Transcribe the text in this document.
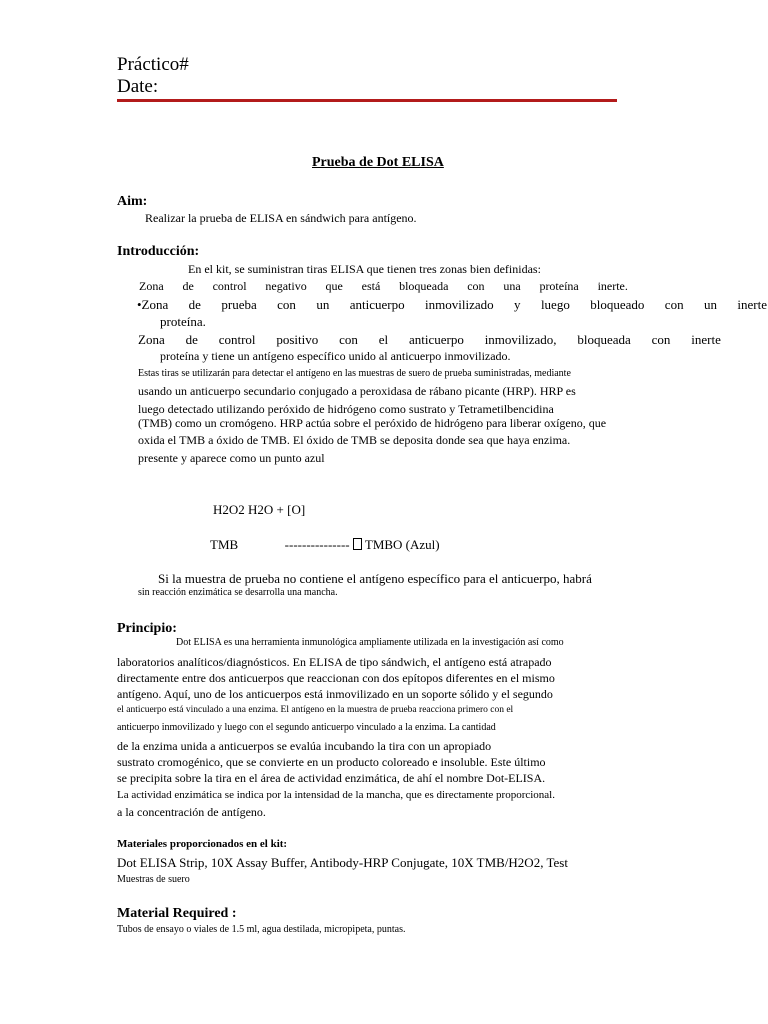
Práctico#
Date:
Prueba de Dot ELISA
Aim:
Realizar la prueba de ELISA en sándwich para antígeno.
Introducción:
En el kit, se suministran tiras ELISA que tienen tres zonas bien definidas:
Zona de control negativo que está bloqueada con una proteína inerte.
•Zona de prueba con un anticuerpo inmovilizado y luego bloqueado con un inerte
proteína.
Zona de control positivo con el anticuerpo inmovilizado, bloqueada con inerte
proteína y tiene un antígeno específico unido al anticuerpo inmovilizado.
Estas tiras se utilizarán para detectar el antígeno en las muestras de suero de prueba suministradas, mediante
usando un anticuerpo secundario conjugado a peroxidasa de rábano picante (HRP). HRP es
luego detectado utilizando peróxido de hidrógeno como sustrato y Tetrametilbencidina
(TMB) como un cromógeno. HRP actúa sobre el peróxido de hidrógeno para liberar oxígeno, que
oxida el TMB a óxido de TMB. El óxido de TMB se deposita donde sea que haya enzima.
presente y aparece como un punto azul
H2O2 H2O + [O]
TMB	---------------  TMBO (Azul)
Si la muestra de prueba no contiene el antígeno específico para el anticuerpo, habrá
sin reacción enzimática se desarrolla una mancha.
Principio:
Dot ELISA es una herramienta inmunológica ampliamente utilizada en la investigación así como
laboratorios analíticos/diagnósticos. En ELISA de tipo sándwich, el antígeno está atrapado
directamente entre dos anticuerpos que reaccionan con dos epítopos diferentes en el mismo
antígeno. Aquí, uno de los anticuerpos está inmovilizado en un soporte sólido y el segundo
el anticuerpo está vinculado a una enzima. El antígeno en la muestra de prueba reacciona primero con el
anticuerpo inmovilizado y luego con el segundo anticuerpo vinculado a la enzima. La cantidad
de la enzima unida a anticuerpos se evalúa incubando la tira con un apropiado
sustrato cromogénico, que se convierte en un producto coloreado e insoluble. Este último
se precipita sobre la tira en el área de actividad enzimática, de ahí el nombre Dot-ELISA.
La actividad enzimática se indica por la intensidad de la mancha, que es directamente proporcional.
a la concentración de antígeno.
Materiales proporcionados en el kit:
Dot ELISA Strip, 10X Assay Buffer, Antibody-HRP Conjugate, 10X TMB/H2O2, Test
Muestras de suero
Material Required :
Tubos de ensayo o viales de 1.5 ml, agua destilada, micropipeta, puntas.
